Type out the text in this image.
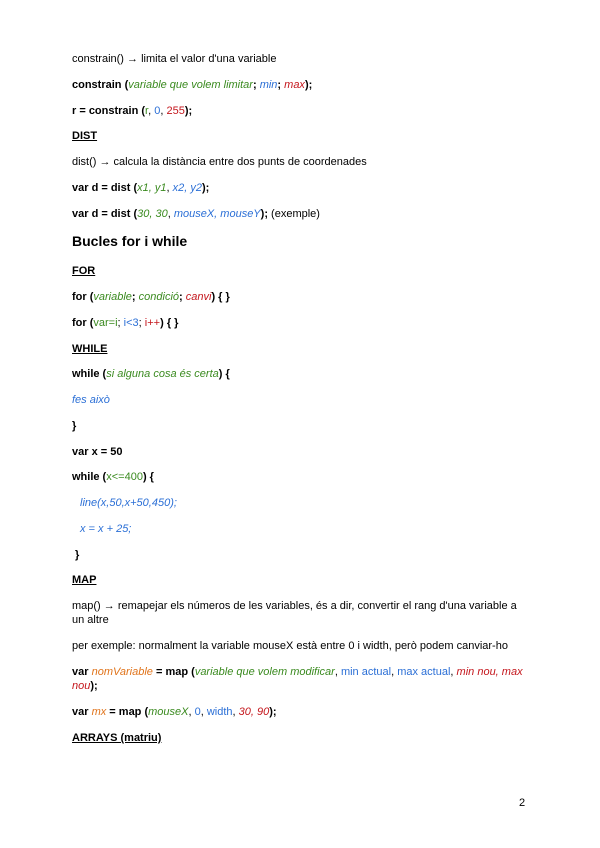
constrain() → limita el valor d'una variable
constrain (variable que volem limitar; min; max);
r = constrain (r, 0, 255);
DIST
dist() → calcula la distància entre dos punts de coordenades
var d = dist (x1, y1, x2, y2);
var d = dist (30, 30, mouseX, mouseY); (exemple)
Bucles for i while
FOR
for (variable; condició; canvi) { }
for (var=i; i<3; i++) { }
WHILE
while (si alguna cosa és certa) {
fes això
}
var x = 50
while (x<=400) {
line(x,50,x+50,450);
x = x + 25;
}
MAP
map() → remapejar els números de les variables, és a dir, convertir el rang d'una variable a
un altre
per exemple: normalment la variable mouseX està entre 0 i width, però podem canviar-ho
var nomVariable = map (variable que volem modificar, min actual, max actual, min nou, max
nou);
var mx = map (mouseX, 0, width, 30, 90);
ARRAYS (matriu)
2
